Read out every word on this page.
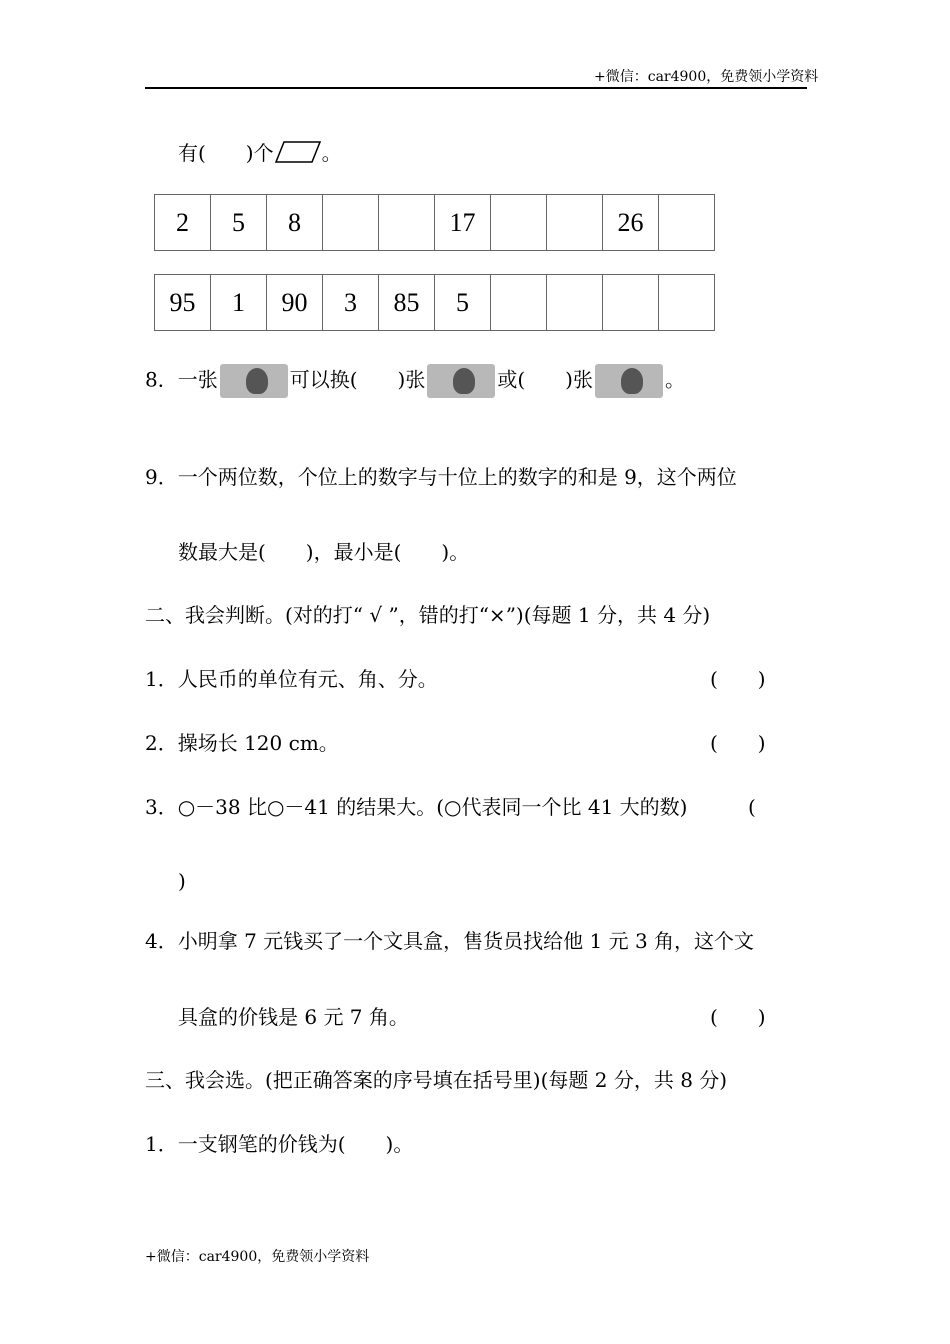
+微信：car4900，免费领小学资料
有(　　)个 。
2	5	8			17			26	
95	1	90	3	85	5				
8．一张	可以换(　　)张	或(　　)张	。
9．一个两位数，个位上的数字与十位上的数字的和是 9，这个两位
数最大是(　　)，最小是(　　)。
二、我会判断。(对的打“ √ ”，错的打“×”)(每题 1 分，共 4 分)
1．人民币的单位有元、角、分。	(　　)
2．操场长 120 cm。	(　　)
3．○－38 比○－41 的结果大。(○代表同一个比 41 大的数)	(
)
4．小明拿 7 元钱买了一个文具盒，售货员找给他 1 元 3 角，这个文
具盒的价钱是 6 元 7 角。	(　　)
三、我会选。(把正确答案的序号填在括号里)(每题 2 分，共 8 分)
1．一支钢笔的价钱为(　　)。
+微信：car4900，免费领小学资料
